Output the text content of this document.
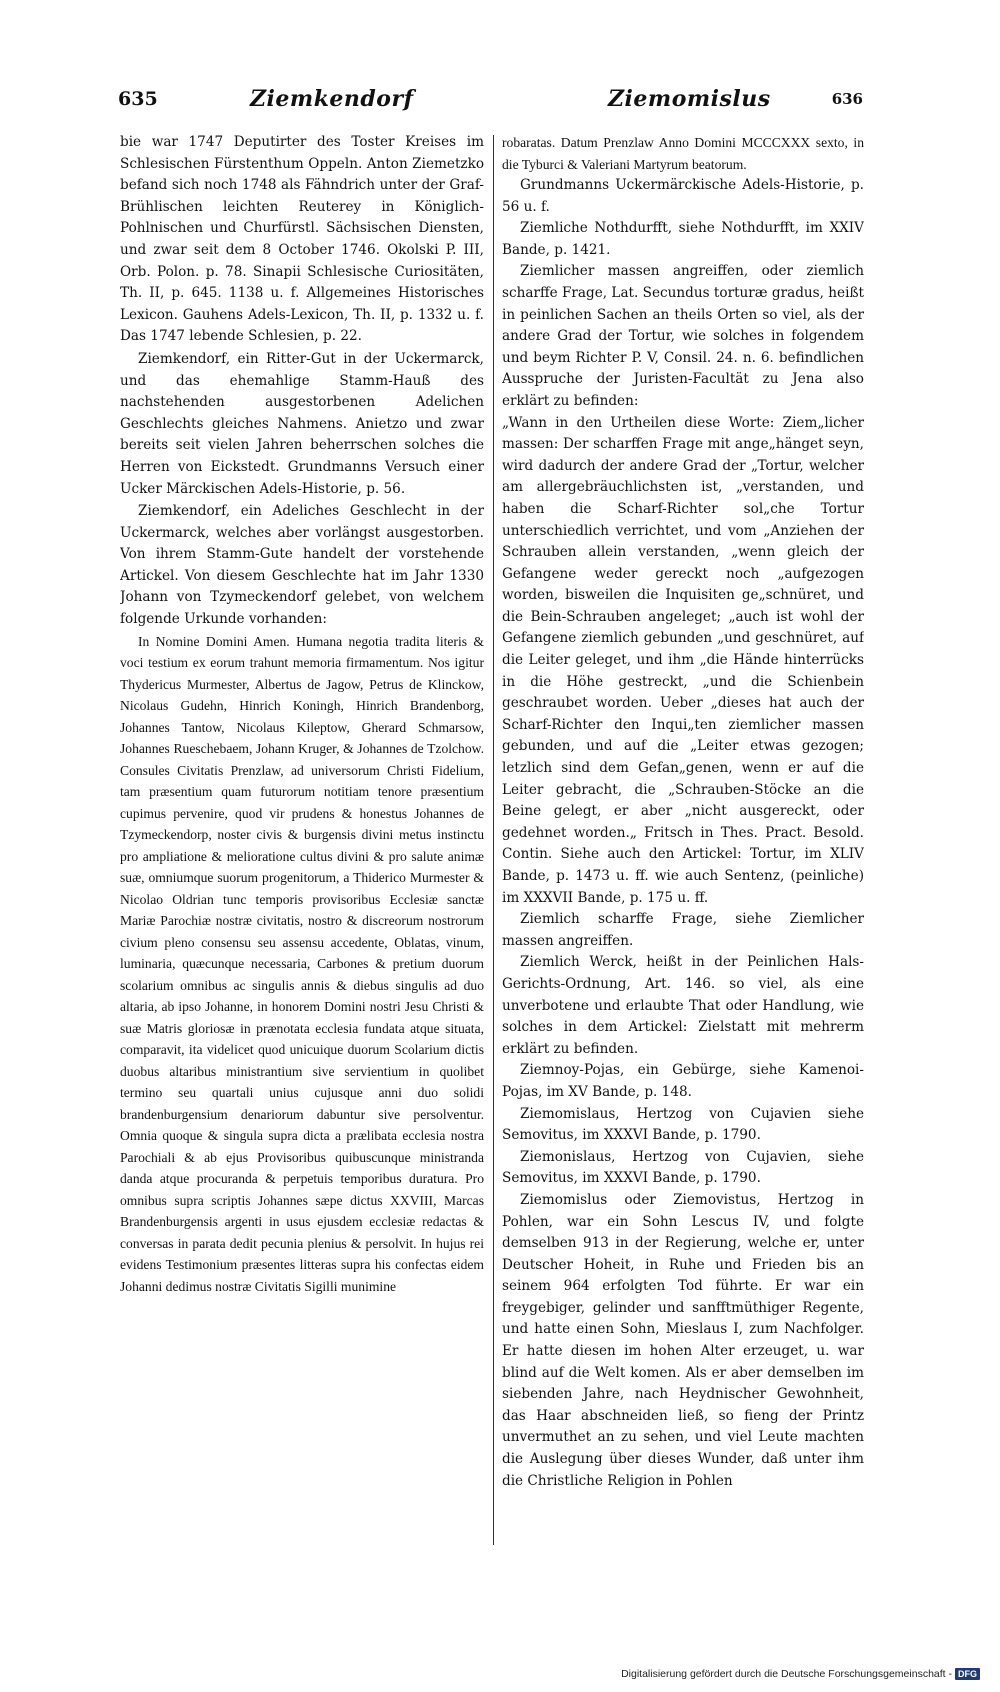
635	Ziemkendorf	Ziemomislus	636

bie war 1747 Deputirter des Toster Kreises im Schlesischen Fürstenthum Oppeln. Anton Ziemetzko befand sich noch 1748 als Fähndrich unter der Graf-Brühlischen leichten Reuterey in Königlich-Pohlnischen und Churfürstl. Sächsischen Diensten, und zwar seit dem 8 October 1746. Okolski P. III, Orb. Polon. p. 78. Sinapii Schlesische Curiositäten, Th. II, p. 645. 1138 u. f. Allgemeines Historisches Lexicon. Gauhens Adels-Lexicon, Th. II, p. 1332 u. f. Das 1747 lebende Schlesien, p. 22.

Ziemkendorf, ein Ritter-Gut in der Uckermarck, und das ehemahlige Stamm-Hauß des nachstehenden ausgestorbenen Adelichen Geschlechts gleiches Nahmens. Anietzo und zwar bereits seit vielen Jahren beherrschen solches die Herren von Eickstedt. Grundmanns Versuch einer Ucker Märckischen Adels-Historie, p. 56.

Ziemkendorf, ein Adeliches Geschlecht in der Uckermarck, welches aber vorlängst ausgestorben. Von ihrem Stamm-Gute handelt der vorstehende Artickel. Von diesem Geschlechte hat im Jahr 1330 Johann von Tzymeckendorf gelebet, von welchem folgende Urkunde vorhanden:

In Nomine Domini Amen. Humana negotia tradita literis & voci testium ex eorum trahunt memoria firmamentum. Nos igitur Thydericus Murmester, Albertus de Jagow, Petrus de Klinckow, Nicolaus Gudehn, Hinrich Koningh, Hinrich Brandenborg, Johannes Tantow, Nicolaus Kileptow, Gherard Schmarsow, Johannes Rueschebaem, Johann Kruger, & Johannes de Tzolchow. Consules Civitatis Prenzlaw, ad universorum Christi Fidelium, tam præsentium quam futurorum notitiam tenore præsentium cupimus pervenire, quod vir prudens & honestus Johannes de Tzymeckendorp, noster civis & burgensis divini metus instinctu pro ampliatione & melioratione cultus divini & pro salute animæ suæ, omniumque suorum progenitorum, a Thiderico Murmester & Nicolao Oldrian tunc temporis provisoribus Ecclesiæ sanctæ Mariæ Parochiæ nostræ civitatis, nostro & discreorum nostrorum civium pleno consensu seu assensu accedente, Oblatas, vinum, luminaria, quæcunque necessaria, Carbones & pretium duorum scolarium omnibus ac singulis annis & diebus singulis ad duo altaria, ab ipso Johanne, in honorem Domini nostri Jesu Christi & suæ Matris gloriosæ in prænotata ecclesia fundata atque situata, comparavit, ita videlicet quod unicuique duorum Scolarium dictis duobus altaribus ministrantium sive servientium in quolibet termino seu quartali unius cujusque anni duo solidi brandenburgensium denariorum dabuntur sive persolventur. Omnia quoque & singula supra dicta a prælibata ecclesia nostra Parochiali & ab ejus Provisoribus quibuscunque ministranda danda atque procuranda & perpetuis temporibus duratura. Pro omnibus supra scriptis Johannes sæpe dictus XXVIII, Marcas Brandenburgensis argenti in usus ejusdem ecclesiæ redactas & conversas in parata dedit pecunia plenius & persolvit. In hujus rei evidens Testimonium præsentes litteras supra his confectas eidem Johanni dedimus nostræ Civitatis Sigilli munimine

robaratas. Datum Prenzlaw Anno Domini MCCCXXX sexto, in die Tyburci & Valeriani Martyrum beatorum.

Grundmanns Uckermärckische Adels-Historie, p. 56 u. f.

Ziemliche Nothdurfft, siehe Nothdurfft, im XXIV Bande, p. 1421.

Ziemlicher massen angreiffen, oder ziemlich scharffe Frage, Lat. Secundus torturæ gradus, heißt in peinlichen Sachen an theils Orten so viel, als der andere Grad der Tortur, wie solches in folgendem und beym Richter P. V, Consil. 24. n. 6. befindlichen Ausspruche der Juristen-Facultät zu Jena also erklärt zu befinden:

„Wann in den Urtheilen diese Worte: Ziem„licher massen: Der scharffen Frage mit ange„hänget seyn, wird dadurch der andere Grad der „Tortur, welcher am allergebräuchlichsten ist, „verstanden, und haben die Scharf-Richter sol„che Tortur unterschiedlich verrichtet, und vom „Anziehen der Schrauben allein verstanden, „wenn gleich der Gefangene weder gereckt noch „aufgezogen worden, bisweilen die Inquisiten ge„schnüret, und die Bein-Schrauben angeleget; „auch ist wohl der Gefangene ziemlich gebunden „und geschnüret, auf die Leiter geleget, und ihm „die Hände hinterrücks in die Höhe gestreckt, „und die Schienbein geschraubet worden. Ueber „dieses hat auch der Scharf-Richter den Inqui„ten ziemlicher massen gebunden, und auf die „Leiter etwas gezogen; letzlich sind dem Gefan„genen, wenn er auf die Leiter gebracht, die „Schrauben-Stöcke an die Beine gelegt, er aber „nicht ausgereckt, oder gedehnet worden.„ Fritsch in Thes. Pract. Besold. Contin. Siehe auch den Artickel: Tortur, im XLIV Bande, p. 1473 u. ff. wie auch Sentenz, (peinliche) im XXXVII Bande, p. 175 u. ff.

Ziemlich scharffe Frage, siehe Ziemlicher massen angreiffen.

Ziemlich Werck, heißt in der Peinlichen Hals-Gerichts-Ordnung, Art. 146. so viel, als eine unverbotene und erlaubte That oder Handlung, wie solches in dem Artickel: Zielstatt mit mehrerm erklärt zu befinden.

Ziemnoy-Pojas, ein Gebürge, siehe Kamenoi-Pojas, im XV Bande, p. 148.

Ziemomislaus, Hertzog von Cujavien siehe Semovitus, im XXXVI Bande, p. 1790.

Ziemonislaus, Hertzog von Cujavien, siehe Semovitus, im XXXVI Bande, p. 1790.

Ziemomislus oder Ziemovistus, Hertzog in Pohlen, war ein Sohn Lescus IV, und folgte demselben 913 in der Regierung, welche er, unter Deutscher Hoheit, in Ruhe und Frieden bis an seinem 964 erfolgten Tod führte. Er war ein freygebiger, gelinder und sanfftmüthiger Regente, und hatte einen Sohn, Mieslaus I, zum Nachfolger. Er hatte diesen im hohen Alter erzeuget, u. war blind auf die Welt komen. Als er aber demselben im siebenden Jahre, nach Heydnischer Gewohnheit, das Haar abschneiden ließ, so fieng der Printz unvermuthet an zu sehen, und viel Leute machten die Auslegung über dieses Wunder, daß unter ihm die Christliche Religion in Pohlen

Digitalisierung gefördert durch die Deutsche Forschungsgemeinschaft - DFG
